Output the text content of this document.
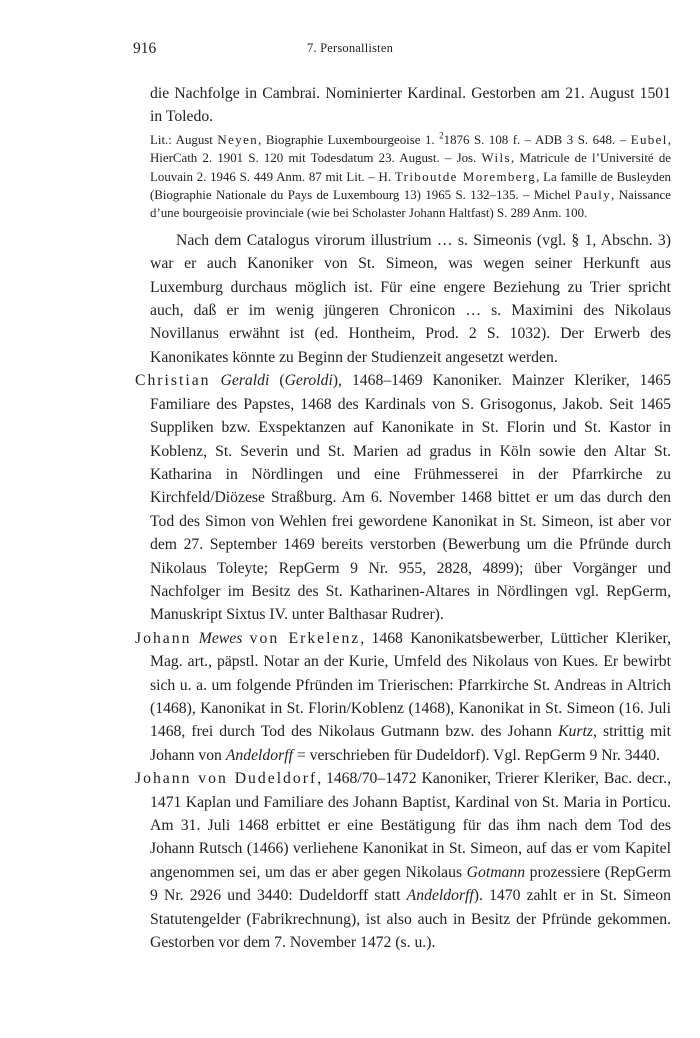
916	7. Personallisten

die Nachfolge in Cambrai. Nominierter Kardinal. Gestorben am 21. August 1501 in Toledo.

Lit.: August Neyen, Biographie Luxembourgeoise 1. $^2$1876 S. 108 f. – ADB 3 S. 648. – Eubel, HierCath 2. 1901 S. 120 mit Todesdatum 23. August. – Jos. Wils, Matricule de l’Université de Louvain 2. 1946 S. 449 Anm. 87 mit Lit. – H. Triboutde Moremberg, La famille de Busleyden (Biographie Nationale du Pays de Luxembourg 13) 1965 S. 132–135. – Michel Pauly, Naissance d’une bourgeoisie provinciale (wie bei Scholaster Johann Haltfast) S. 289 Anm. 100.

Nach dem Catalogus virorum illustrium … s. Simeonis (vgl. § 1, Abschn. 3) war er auch Kanoniker von St. Simeon, was wegen seiner Herkunft aus Luxemburg durchaus möglich ist. Für eine engere Beziehung zu Trier spricht auch, daß er im wenig jüngeren Chronicon … s. Maximini des Nikolaus Novillanus erwähnt ist (ed. Hontheim, Prod. 2 S. 1032). Der Erwerb des Kanonikates könnte zu Beginn der Studienzeit angesetzt werden.

Christian Geraldi (Geroldi), 1468–1469 Kanoniker. Mainzer Kleriker, 1465 Familiare des Papstes, 1468 des Kardinals von S. Grisogonus, Jakob. Seit 1465 Suppliken bzw. Exspektanzen auf Kanonikate in St. Florin und St. Kastor in Koblenz, St. Severin und St. Marien ad gradus in Köln sowie den Altar St. Katharina in Nördlingen und eine Frühmesserei in der Pfarrkirche zu Kirchfeld/Diözese Straßburg. Am 6. November 1468 bittet er um das durch den Tod des Simon von Wehlen frei gewordene Kanonikat in St. Simeon, ist aber vor dem 27. September 1469 bereits verstorben (Bewerbung um die Pfründe durch Nikolaus Toleyte; RepGerm 9 Nr. 955, 2828, 4899); über Vorgänger und Nachfolger im Besitz des St. Katharinen-Altares in Nördlingen vgl. RepGerm, Manuskript Sixtus IV. unter Balthasar Rudrer).

Johann Mewes von Erkelenz, 1468 Kanonikatsbewerber, Lütticher Kleriker, Mag. art., päpstl. Notar an der Kurie, Umfeld des Nikolaus von Kues. Er bewirbt sich u. a. um folgende Pfründen im Trierischen: Pfarrkirche St. Andreas in Altrich (1468), Kanonikat in St. Florin/Koblenz (1468), Kanonikat in St. Simeon (16. Juli 1468, frei durch Tod des Nikolaus Gutmann bzw. des Johann Kurtz, strittig mit Johann von Andeldorff = verschrieben für Dudeldorf). Vgl. RepGerm 9 Nr. 3440.

Johann von Dudeldorf, 1468/70–1472 Kanoniker, Trierer Kleriker, Bac. decr., 1471 Kaplan und Familiare des Johann Baptist, Kardinal von St. Maria in Porticu. Am 31. Juli 1468 erbittet er eine Bestätigung für das ihm nach dem Tod des Johann Rutsch (1466) verliehene Kanonikat in St. Simeon, auf das er vom Kapitel angenommen sei, um das er aber gegen Nikolaus Gotmann prozessiere (RepGerm 9 Nr. 2926 und 3440: Dudeldorff statt Andeldorff). 1470 zahlt er in St. Simeon Statutengelder (Fabrikrechnung), ist also auch in Besitz der Pfründe gekommen. Gestorben vor dem 7. November 1472 (s. u.).
